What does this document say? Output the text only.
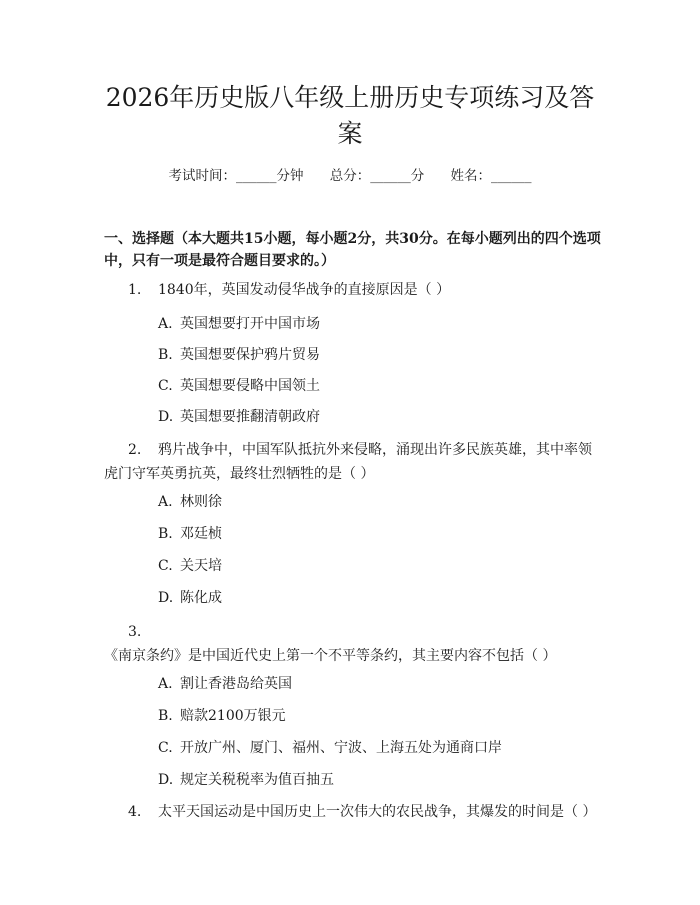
2026年历史版八年级上册历史专项练习及答案
考试时间：______分钟 总分：______分 姓名：______

一、选择题（本大题共15小题，每小题2分，共30分。在每小题列出的四个选项中，只有一项是最符合题目要求的。）

1. 1840年，英国发动侵华战争的直接原因是（ ）

A. 英国想要打开中国市场

B. 英国想要保护鸦片贸易

C. 英国想要侵略中国领土

D. 英国想要推翻清朝政府

2. 鸦片战争中，中国军队抵抗外来侵略，涌现出许多民族英雄，其中率领虎门守军英勇抗英，最终壮烈牺牲的是（ ）

A. 林则徐

B. 邓廷桢

C. 关天培

D. 陈化成

3.《南京条约》是中国近代史上第一个不平等条约，其主要内容不包括（ ）

A. 割让香港岛给英国

B. 赔款2100万银元

C. 开放广州、厦门、福州、宁波、上海五处为通商口岸

D. 规定关税税率为值百抽五

4. 太平天国运动是中国历史上一次伟大的农民战争，其爆发的时间是（ ）
